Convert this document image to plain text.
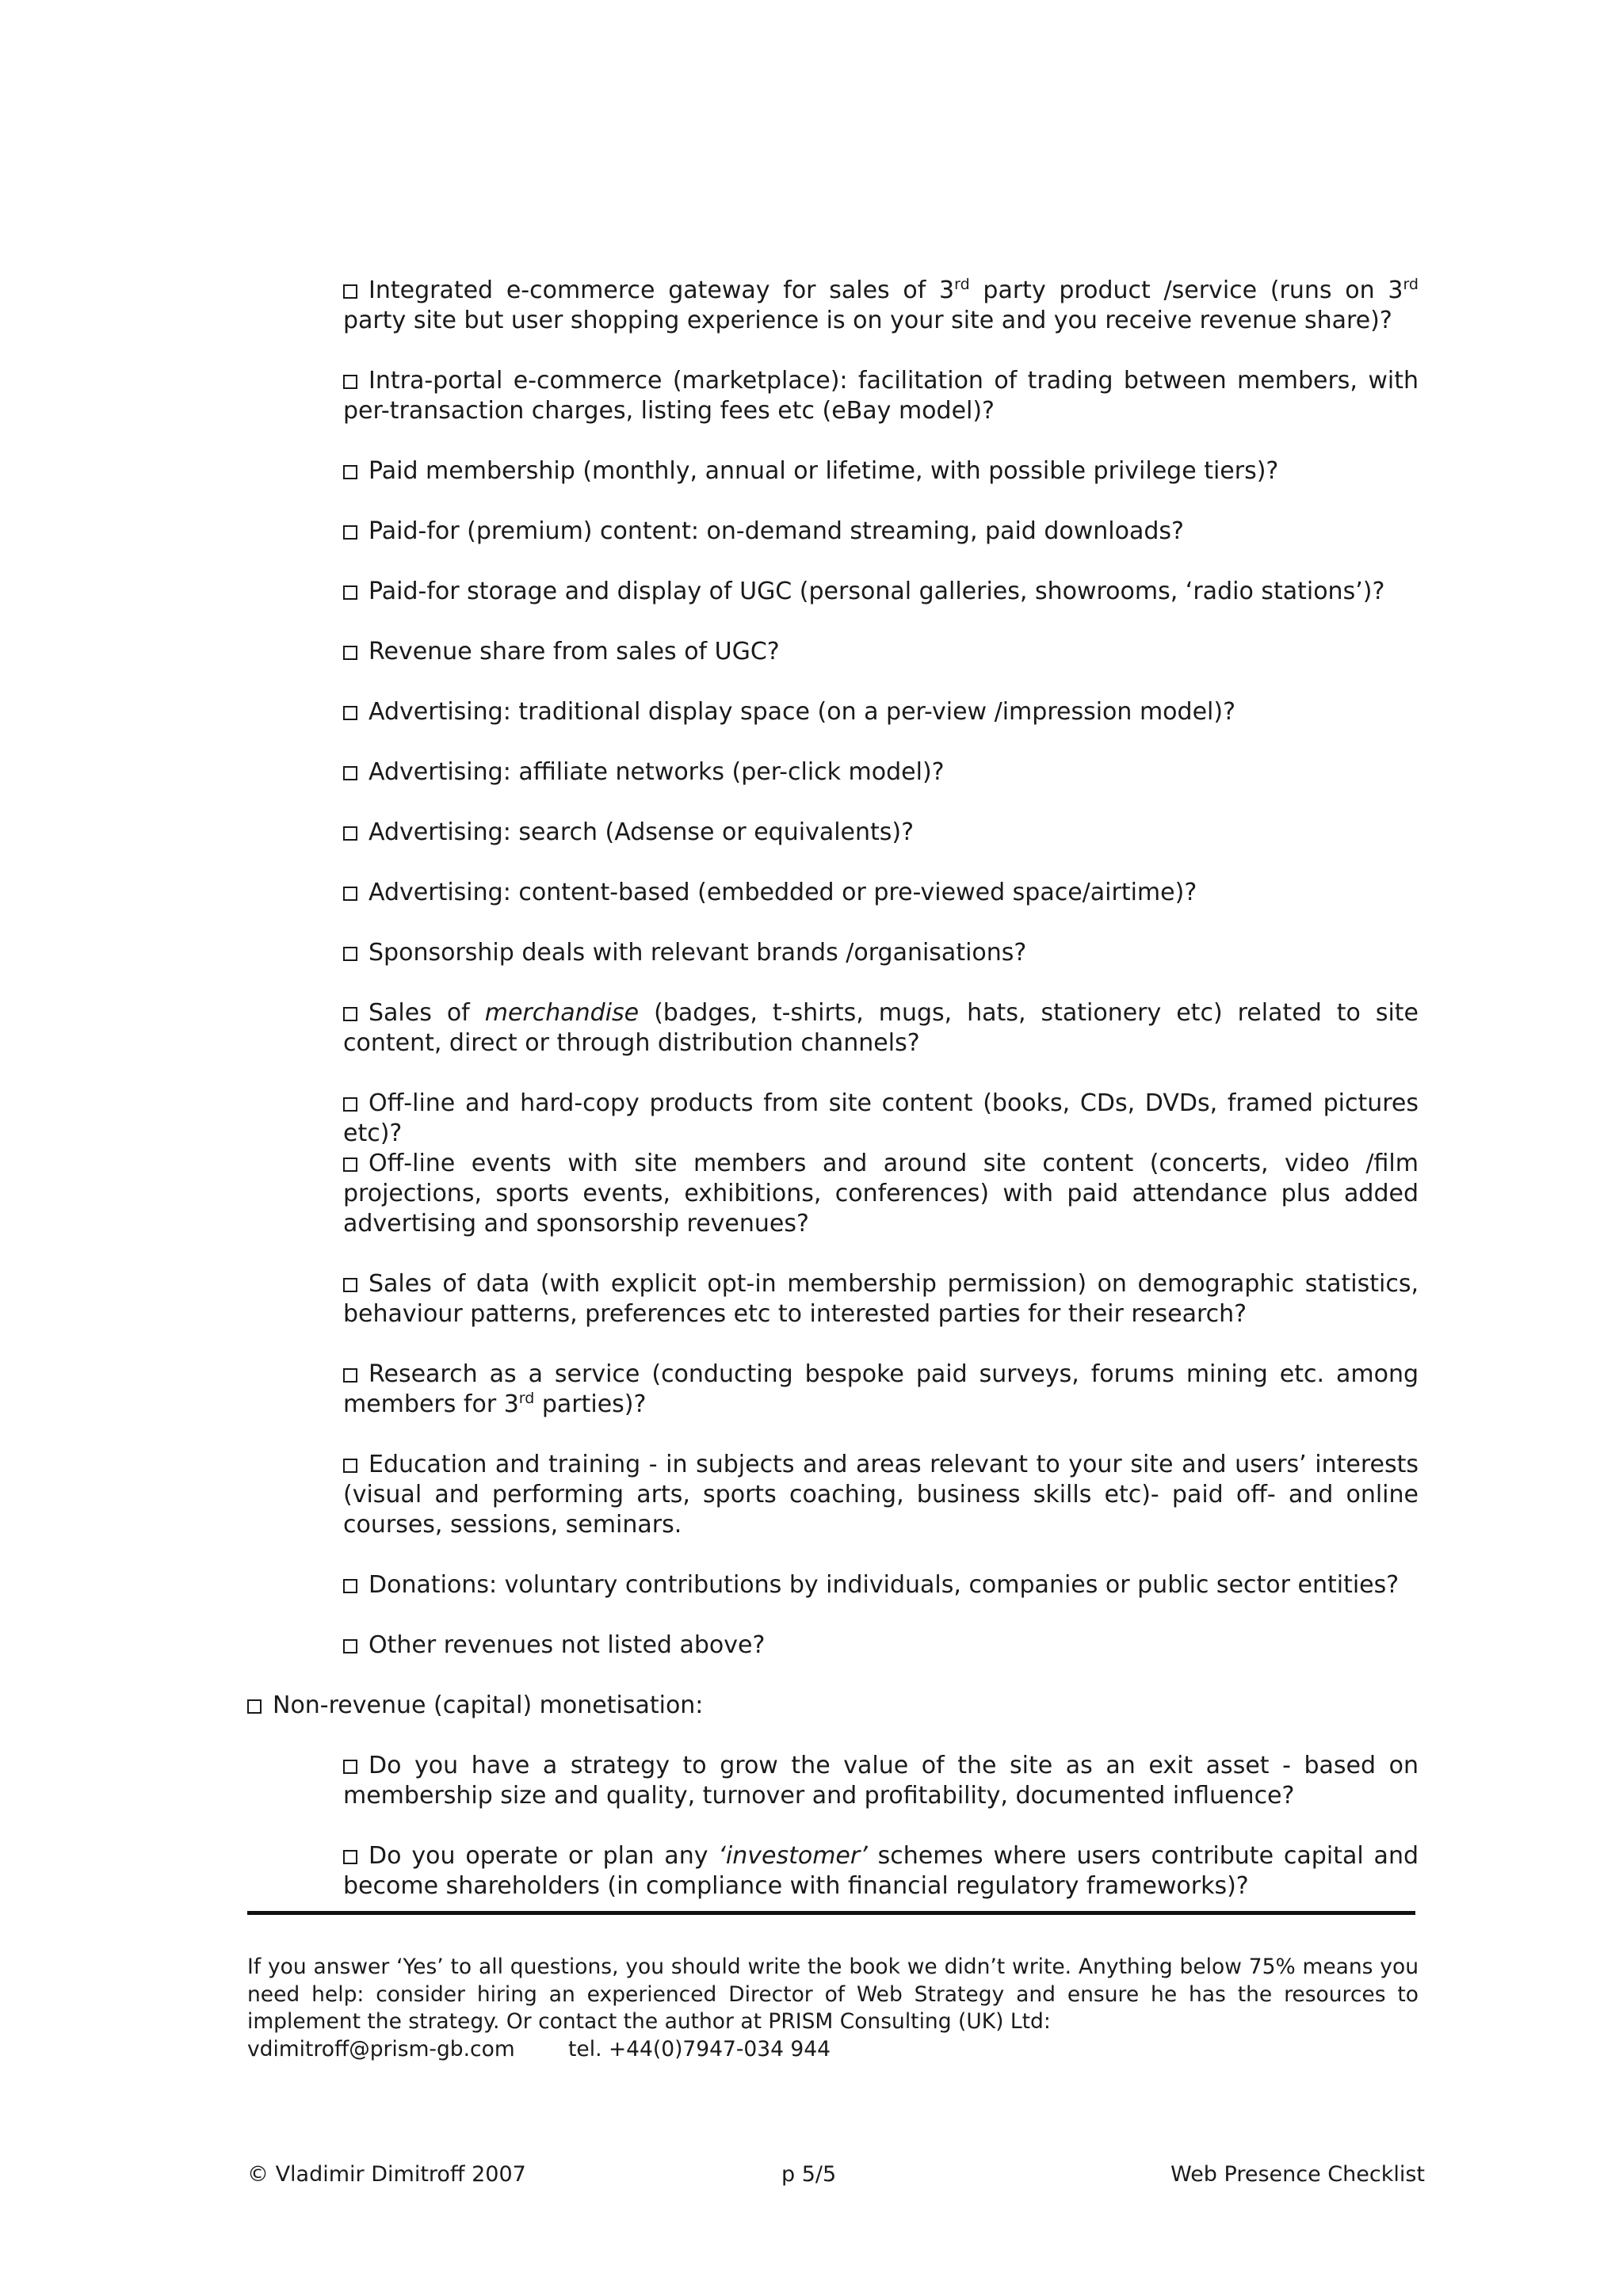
Integrated e-commerce gateway for sales of 3rd party product /service (runs on 3rd party site but user shopping experience is on your site and you receive revenue share)?
Intra-portal e-commerce (marketplace): facilitation of trading between members, with per-transaction charges, listing fees etc (eBay model)?
Paid membership (monthly, annual or lifetime, with possible privilege tiers)?
Paid-for (premium) content: on-demand streaming, paid downloads?
Paid-for storage and display of UGC (personal galleries, showrooms, ‘radio stations’)?
Revenue share from sales of UGC?
Advertising: traditional display space (on a per-view /impression model)?
Advertising: affiliate networks (per-click model)?
Advertising: search (Adsense or equivalents)?
Advertising: content-based (embedded or pre-viewed space/airtime)?
Sponsorship deals with relevant brands /organisations?
Sales of merchandise (badges, t-shirts, mugs, hats, stationery etc) related to site content, direct or through distribution channels?
Off-line and hard-copy products from site content (books, CDs, DVDs, framed pictures etc)?
Off-line events with site members and around site content (concerts, video /film projections, sports events, exhibitions, conferences) with paid attendance plus added advertising and sponsorship revenues?
Sales of data (with explicit opt-in membership permission) on demographic statistics, behaviour patterns, preferences etc to interested parties for their research?
Research as a service (conducting bespoke paid surveys, forums mining etc. among members for 3rd parties)?
Education and training - in subjects and areas relevant to your site and users’ interests (visual and performing arts, sports coaching, business skills etc)- paid off- and online courses, sessions, seminars.
Donations: voluntary contributions by individuals, companies or public sector entities?
Other revenues not listed above?
Non-revenue (capital) monetisation:
Do you have a strategy to grow the value of the site as an exit asset - based on membership size and quality, turnover and profitability, documented influence?
Do you operate or plan any ‘investomer’ schemes where users contribute capital and become shareholders (in compliance with financial regulatory frameworks)?
If you answer ‘Yes’ to all questions, you should write the book we didn’t write. Anything below 75% means you need help: consider hiring an experienced Director of Web Strategy and ensure he has the resources to implement the strategy. Or contact the author at PRISM Consulting (UK) Ltd:
vdimitroff@prism-gb.com	tel. +44(0)7947-034 944
© Vladimir Dimitroff 2007	p 5/5	Web Presence Checklist
